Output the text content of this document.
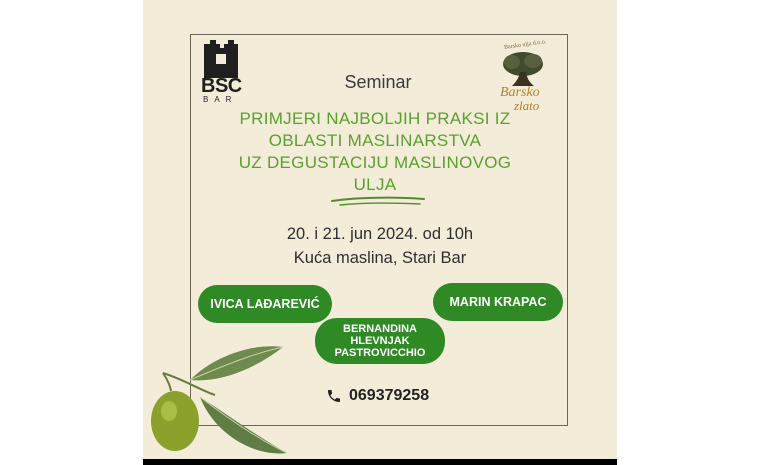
BSC
BAR
Barsko ulja d.o.o.
Barsko
zlato
Seminar
PRIMJERI NAJBOLJIH PRAKSI IZ
OBLASTI MASLINARSTVA
UZ DEGUSTACIJU MASLINOVOG
ULJA
20. i 21. jun 2024. od 10h
Kuća maslina, Stari Bar
IVICA LAĐAREVIĆ	MARIN KRAPAC
BERNANDINA
HLEVNJAK
PASTROVICCHIO
069379258
